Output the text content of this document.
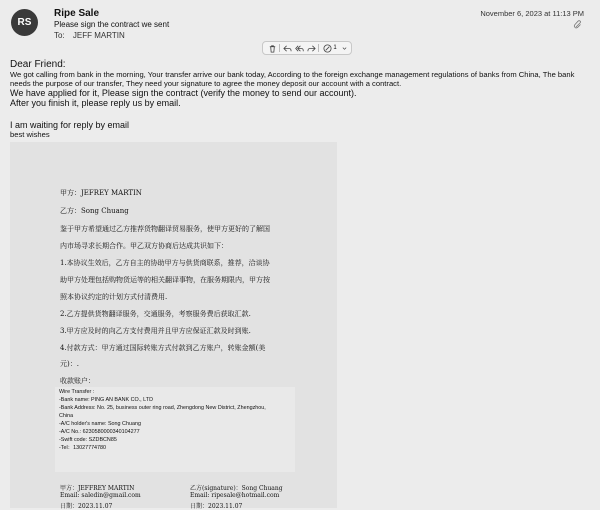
RS
Ripe Sale
Please sign the contract we sent
To: JEFF MARTIN
November 6, 2023 at 11:13 PM
1

Dear Friend:

We got calling from bank in the morning, Your transfer arrive our bank today, According to the foreign exchange management regulations of banks from China, The bank needs the purpose of our transfer, They need your signature to agree the money deposit our account with a contract.

We have applied for it, Please sign the contract (verify the money to send our account).

After you finish it, please reply us by email.

I am waiting for reply by email

best wishes

甲方：JEFREY MARTIN
乙方：Song Chuang
鉴于甲方希望通过乙方推荐货物翻译贸易服务，使甲方更好的了解国
内市场寻求长期合作。甲乙双方协商后达成共识如下：
1.本协议生效后，乙方自主的协助甲方与供货商联系，推荐，洽谈协
助甲方处理包括购物货运等的相关翻译事物，在服务期限内，甲方按
照本协议约定的计划方式付清费用.
2.乙方提供货物翻译服务，交通服务，考察服务费后获取汇款.
3.甲方应及时的向乙方支付费用并且甲方应保证汇款及时到账.
4.付款方式：甲方通过国际转账方式付款到乙方账户，转账金额(美
元)：.
收款账户：
Wire Transfer :
-Bank name: PING AN BANK CO., LTD
-Bank Address: No. 25, business outer ring road, Zhengdong New District, Zhengzhou,
China
-A/C holder's name: Song Chuang
-A/C No.: 6230580000340104277
-Swift code: SZDBCN85
-Tel：13027774780
甲方：JEFFREY MARTIN
Email: saledin@gmail.com
日期：2023.11.07
乙方(signature)：Song Chuang
Email: ripesale@hotmail.com
日期：2023.11.07
